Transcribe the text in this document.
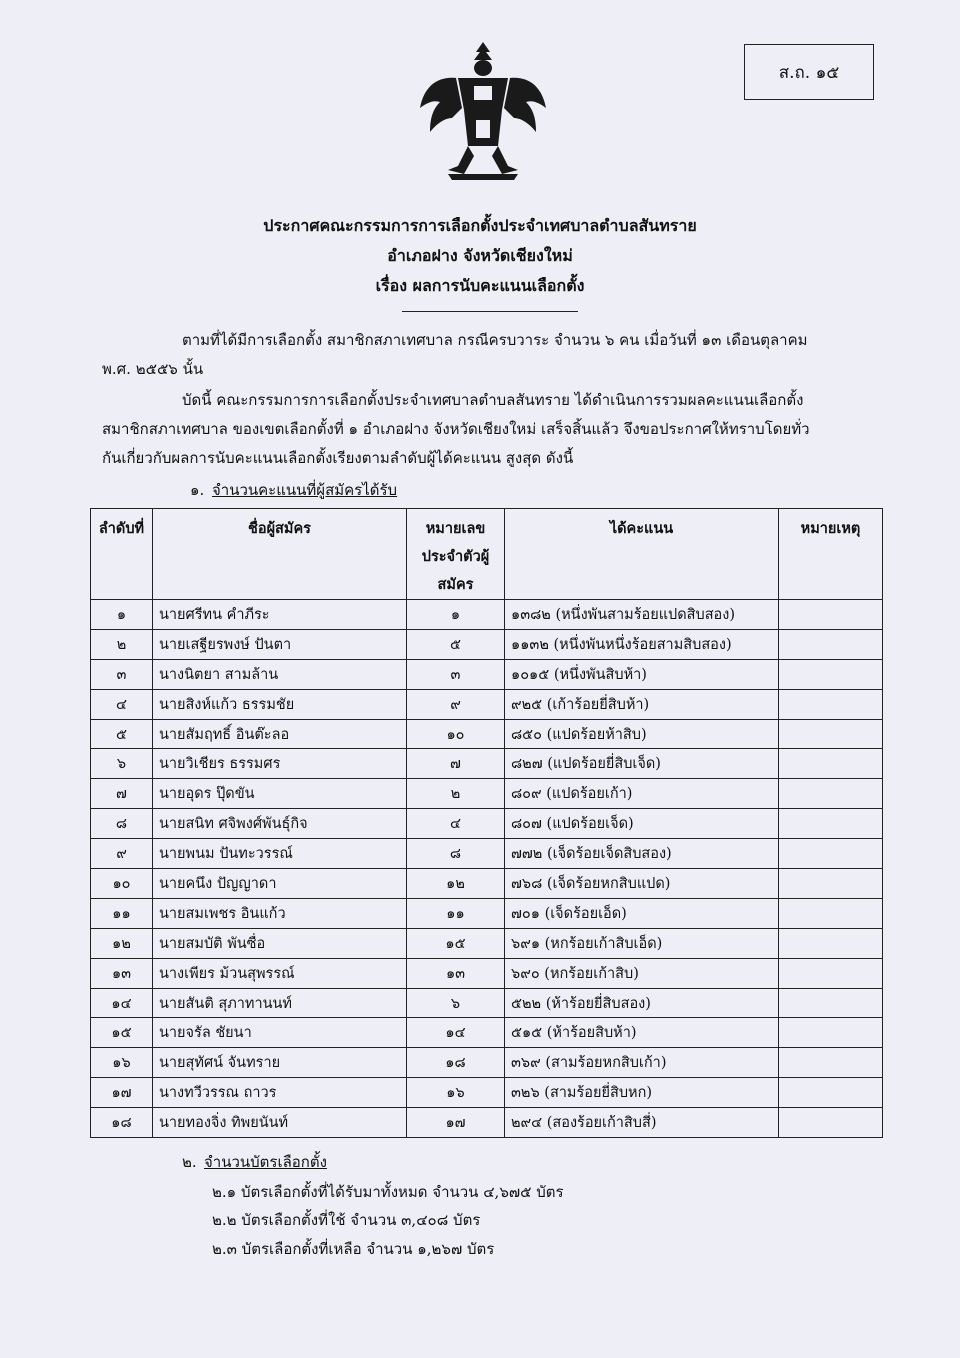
ส.ถ. ๑๕
ประกาศคณะกรรมการการเลือกตั้งประจำเทศบาลตำบลสันทราย
อำเภอฝาง จังหวัดเชียงใหม่
เรื่อง ผลการนับคะแนนเลือกตั้ง
ตามที่ได้มีการเลือกตั้ง สมาชิกสภาเทศบาล กรณีครบวาระ จำนวน ๖ คน เมื่อวันที่ ๑๓ เดือนตุลาคม
พ.ศ. ๒๕๕๖ นั้น
บัดนี้ คณะกรรมการการเลือกตั้งประจำเทศบาลตำบลสันทราย ได้ดำเนินการรวมผลคะแนนเลือกตั้ง
สมาชิกสภาเทศบาล ของเขตเลือกตั้งที่ ๑ อำเภอฝาง จังหวัดเชียงใหม่ เสร็จสิ้นแล้ว จึงขอประกาศให้ทราบโดยทั่ว
กันเกี่ยวกับผลการนับคะแนนเลือกตั้งเรียงตามลำดับผู้ได้คะแนน สูงสุด ดังนี้
๑. จำนวนคะแนนที่ผู้สมัครได้รับ
ลำดับที่	ชื่อผู้สมัคร	หมายเลขประจำตัวผู้สมัคร	ได้คะแนน	หมายเหตุ
๑	นายศรีทน คำภีระ	๑	๑๓๘๒ (หนึ่งพันสามร้อยแปดสิบสอง)	
๒	นายเสฐียรพงษ์ ปันตา	๕	๑๑๓๒ (หนึ่งพันหนึ่งร้อยสามสิบสอง)	
๓	นางนิตยา สามล้าน	๓	๑๐๑๕ (หนึ่งพันสิบห้า)	
๔	นายสิงห์แก้ว ธรรมชัย	๙	๙๒๕ (เก้าร้อยยี่สิบห้า)	
๕	นายสัมฤทธิ์ อินต๊ะลอ	๑๐	๘๕๐ (แปดร้อยห้าสิบ)	
๖	นายวิเชียร ธรรมศร	๗	๘๒๗ (แปดร้อยยี่สิบเจ็ด)	
๗	นายอุดร ปุ๊ดขัน	๒	๘๐๙ (แปดร้อยเก้า)	
๘	นายสนิท ศจิพงศ์พันธุ์กิจ	๔	๘๐๗ (แปดร้อยเจ็ด)	
๙	นายพนม ปันทะวรรณ์	๘	๗๗๒ (เจ็ดร้อยเจ็ดสิบสอง)	
๑๐	นายคนึง ปัญญาดา	๑๒	๗๖๘ (เจ็ดร้อยหกสิบแปด)	
๑๑	นายสมเพชร อินแก้ว	๑๑	๗๐๑ (เจ็ดร้อยเอ็ด)	
๑๒	นายสมบัติ พันซื่อ	๑๕	๖๙๑ (หกร้อยเก้าสิบเอ็ด)	
๑๓	นางเพียร ม้วนสุพรรณ์	๑๓	๖๙๐ (หกร้อยเก้าสิบ)	
๑๔	นายสันติ สุภาทานนท์	๖	๕๒๒ (ห้าร้อยยี่สิบสอง)	
๑๕	นายจรัล ชัยนา	๑๔	๕๑๕ (ห้าร้อยสิบห้า)	
๑๖	นายสุทัศน์ จันทราย	๑๘	๓๖๙ (สามร้อยหกสิบเก้า)	
๑๗	นางทวีวรรณ ถาวร	๑๖	๓๒๖ (สามร้อยยี่สิบหก)	
๑๘	นายทองจิ่ง ทิพยนันท์	๑๗	๒๙๔ (สองร้อยเก้าสิบสี่)	
๒. จำนวนบัตรเลือกตั้ง
๒.๑ บัตรเลือกตั้งที่ได้รับมาทั้งหมด จำนวน ๔,๖๗๕ บัตร
๒.๒ บัตรเลือกตั้งที่ใช้ จำนวน ๓,๔๐๘ บัตร
๒.๓ บัตรเลือกตั้งที่เหลือ จำนวน ๑,๒๖๗ บัตร
